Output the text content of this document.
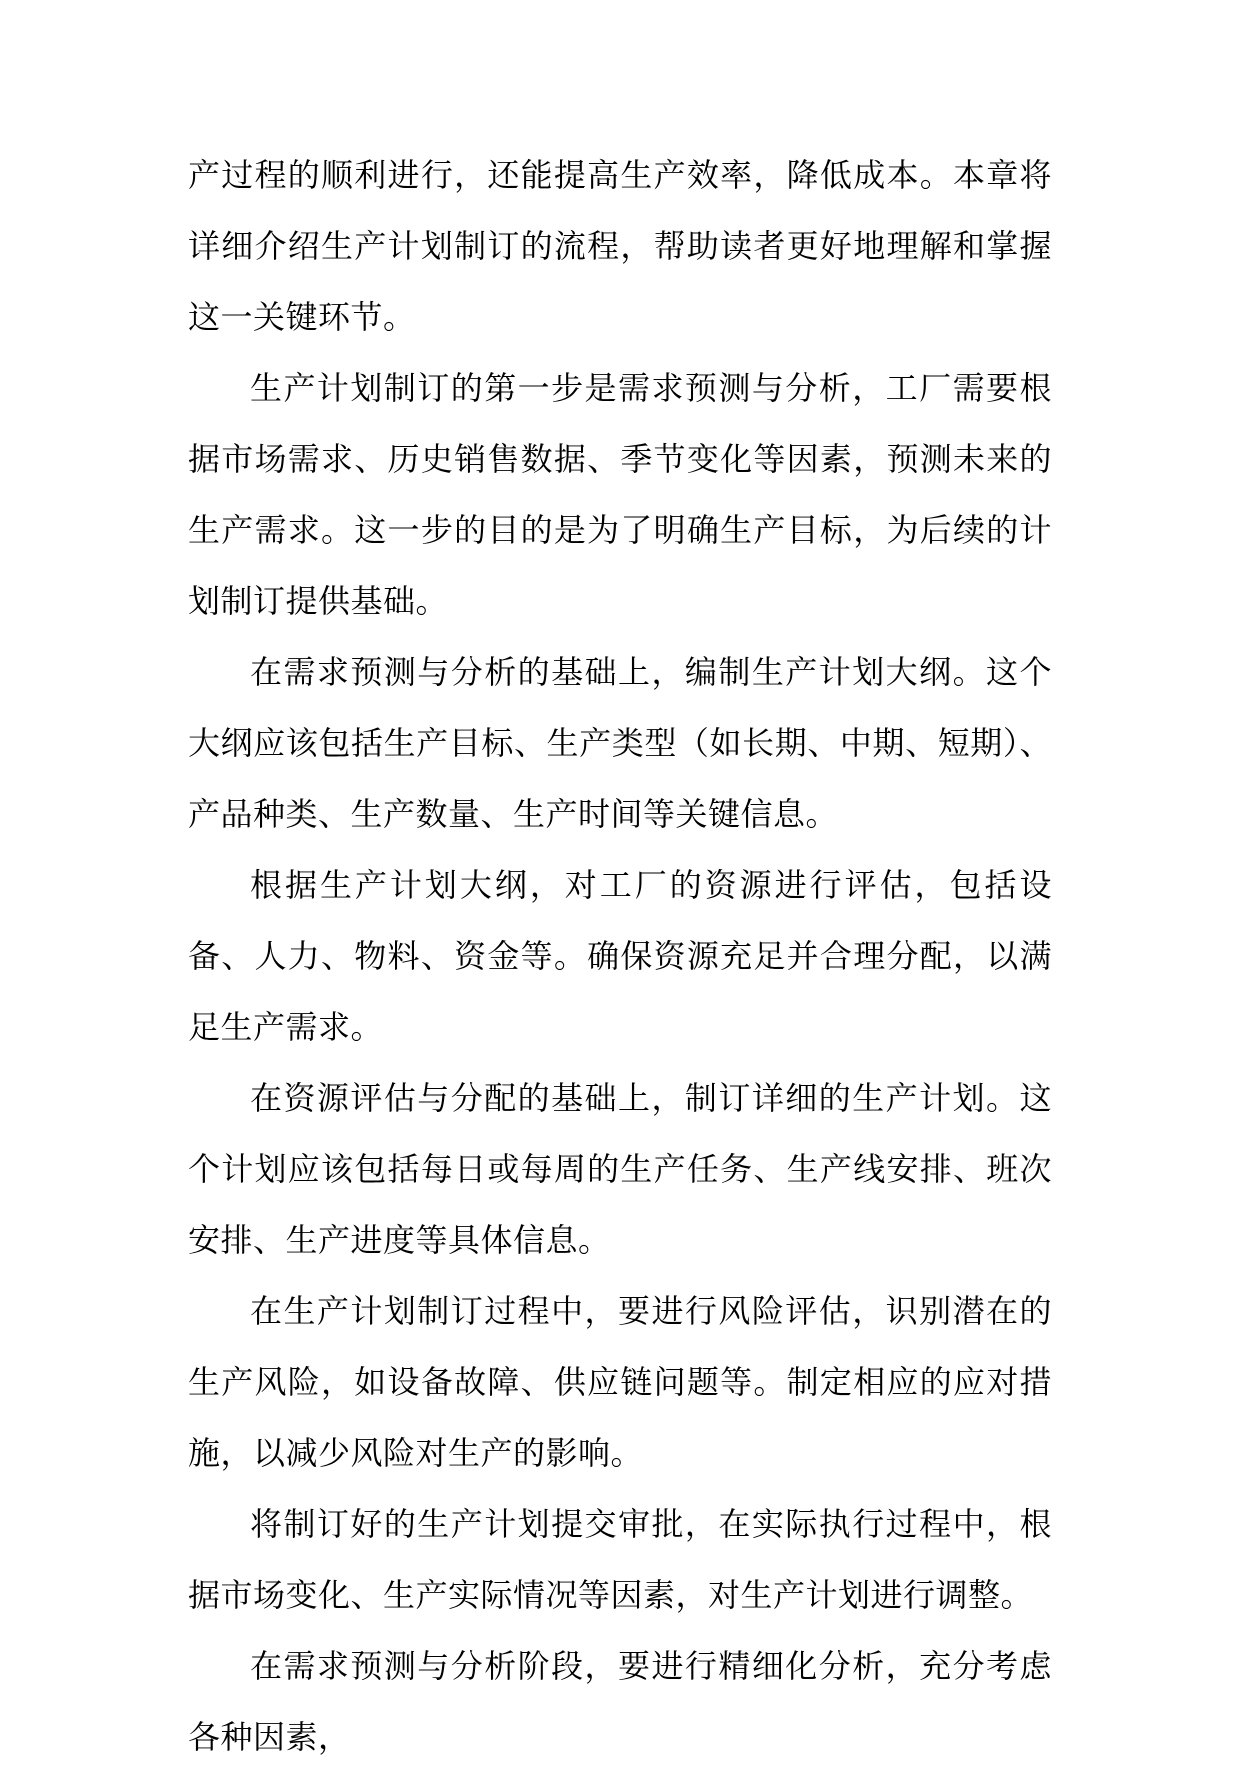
产过程的顺利进行，还能提高生产效率，降低成本。本章将详细介绍生产计划制订的流程，帮助读者更好地理解和掌握这一关键环节。

生产计划制订的第一步是需求预测与分析，工厂需要根据市场需求、历史销售数据、季节变化等因素，预测未来的生产需求。这一步的目的是为了明确生产目标，为后续的计划制订提供基础。

在需求预测与分析的基础上，编制生产计划大纲。这个大纲应该包括生产目标、生产类型（如长期、中期、短期）、产品种类、生产数量、生产时间等关键信息。

根据生产计划大纲，对工厂的资源进行评估，包括设备、人力、物料、资金等。确保资源充足并合理分配，以满足生产需求。

在资源评估与分配的基础上，制订详细的生产计划。这个计划应该包括每日或每周的生产任务、生产线安排、班次安排、生产进度等具体信息。

在生产计划制订过程中，要进行风险评估，识别潜在的生产风险，如设备故障、供应链问题等。制定相应的应对措施，以减少风险对生产的影响。

将制订好的生产计划提交审批，在实际执行过程中，根据市场变化、生产实际情况等因素，对生产计划进行调整。

在需求预测与分析阶段，要进行精细化分析，充分考虑各种因素，
